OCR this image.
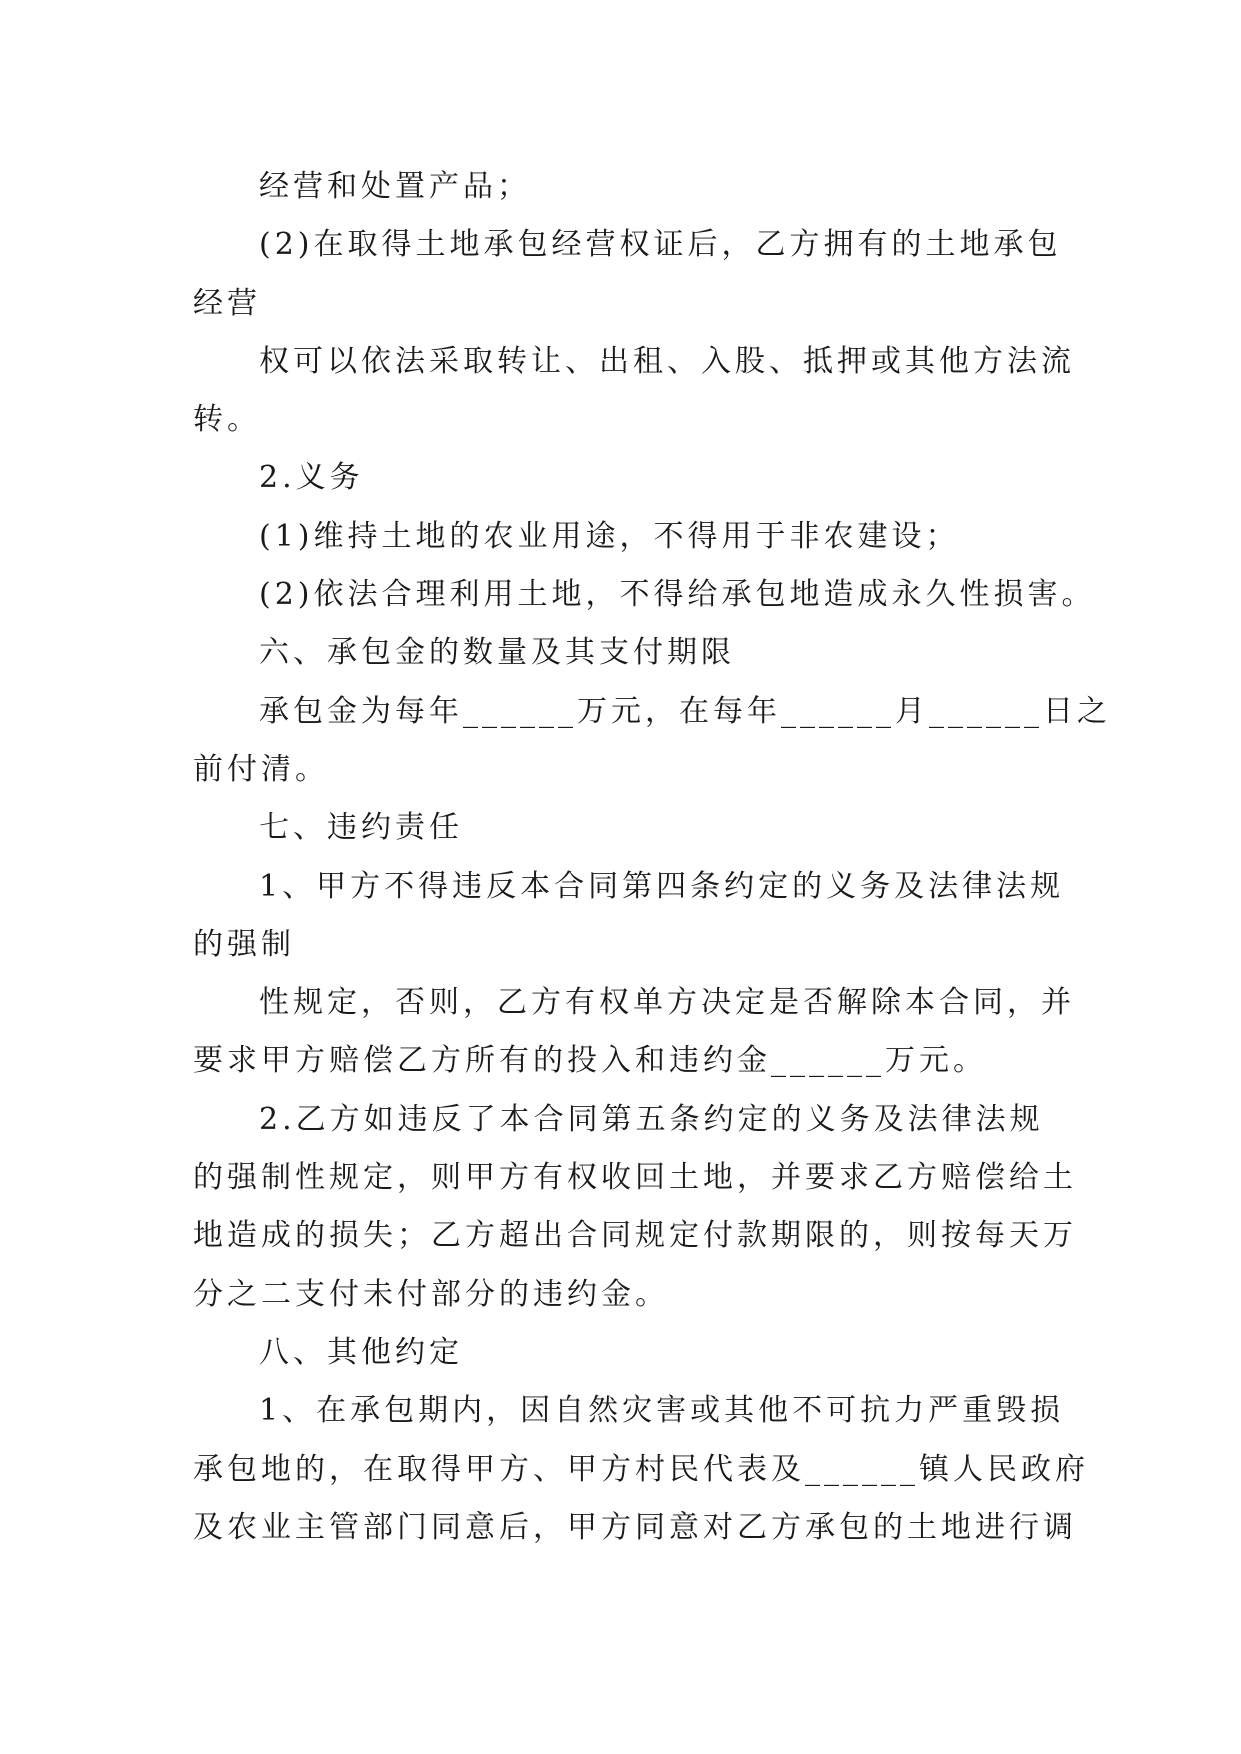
经营和处置产品；
(2)在取得土地承包经营权证后，乙方拥有的土地承包
经营
权可以依法采取转让、出租、入股、抵押或其他方法流
转。
2.义务
(1)维持土地的农业用途，不得用于非农建设；
(2)依法合理利用土地，不得给承包地造成永久性损害。
六、承包金的数量及其支付期限
承包金为每年______万元，在每年______月______日之
前付清。
七、违约责任
1、甲方不得违反本合同第四条约定的义务及法律法规
的强制
性规定，否则，乙方有权单方决定是否解除本合同，并
要求甲方赔偿乙方所有的投入和违约金______万元。
2.乙方如违反了本合同第五条约定的义务及法律法规
的强制性规定，则甲方有权收回土地，并要求乙方赔偿给土
地造成的损失；乙方超出合同规定付款期限的，则按每天万
分之二支付未付部分的违约金。
八、其他约定
1、在承包期内，因自然灾害或其他不可抗力严重毁损
承包地的，在取得甲方、甲方村民代表及______镇人民政府
及农业主管部门同意后，甲方同意对乙方承包的土地进行调
